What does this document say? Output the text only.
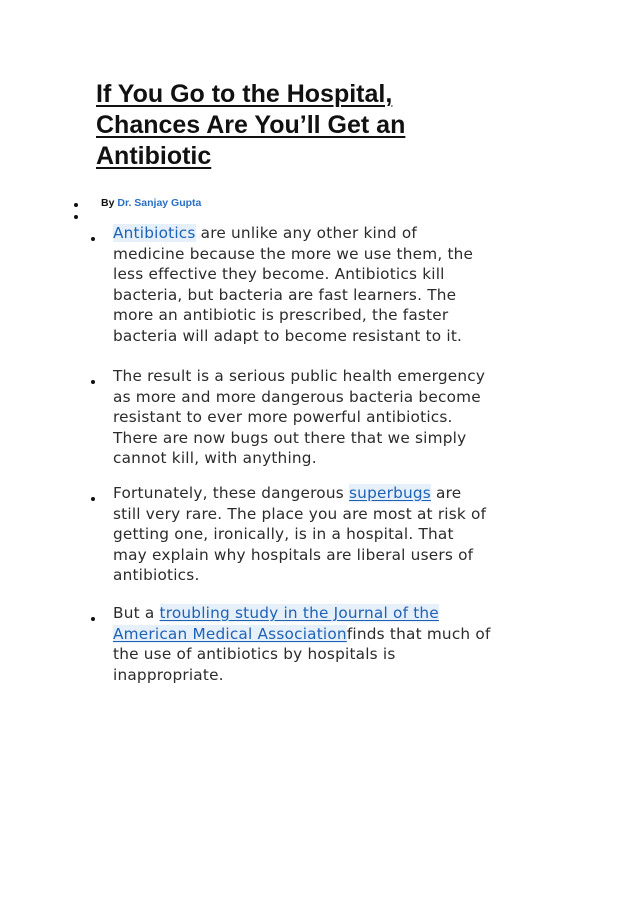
If You Go to the Hospital,
Chances Are You’ll Get an
Antibiotic
By Dr. Sanjay Gupta
Antibiotics are unlike any other kind of
medicine because the more we use them, the
less effective they become. Antibiotics kill
bacteria, but bacteria are fast learners. The
more an antibiotic is prescribed, the faster
bacteria will adapt to become resistant to it.
The result is a serious public health emergency
as more and more dangerous bacteria become
resistant to ever more powerful antibiotics.
There are now bugs out there that we simply
cannot kill, with anything.
Fortunately, these dangerous superbugs are
still very rare. The place you are most at risk of
getting one, ironically, is in a hospital. That
may explain why hospitals are liberal users of
antibiotics.
But a troubling study in the Journal of the
American Medical Associationfinds that much of
the use of antibiotics by hospitals is
inappropriate.
